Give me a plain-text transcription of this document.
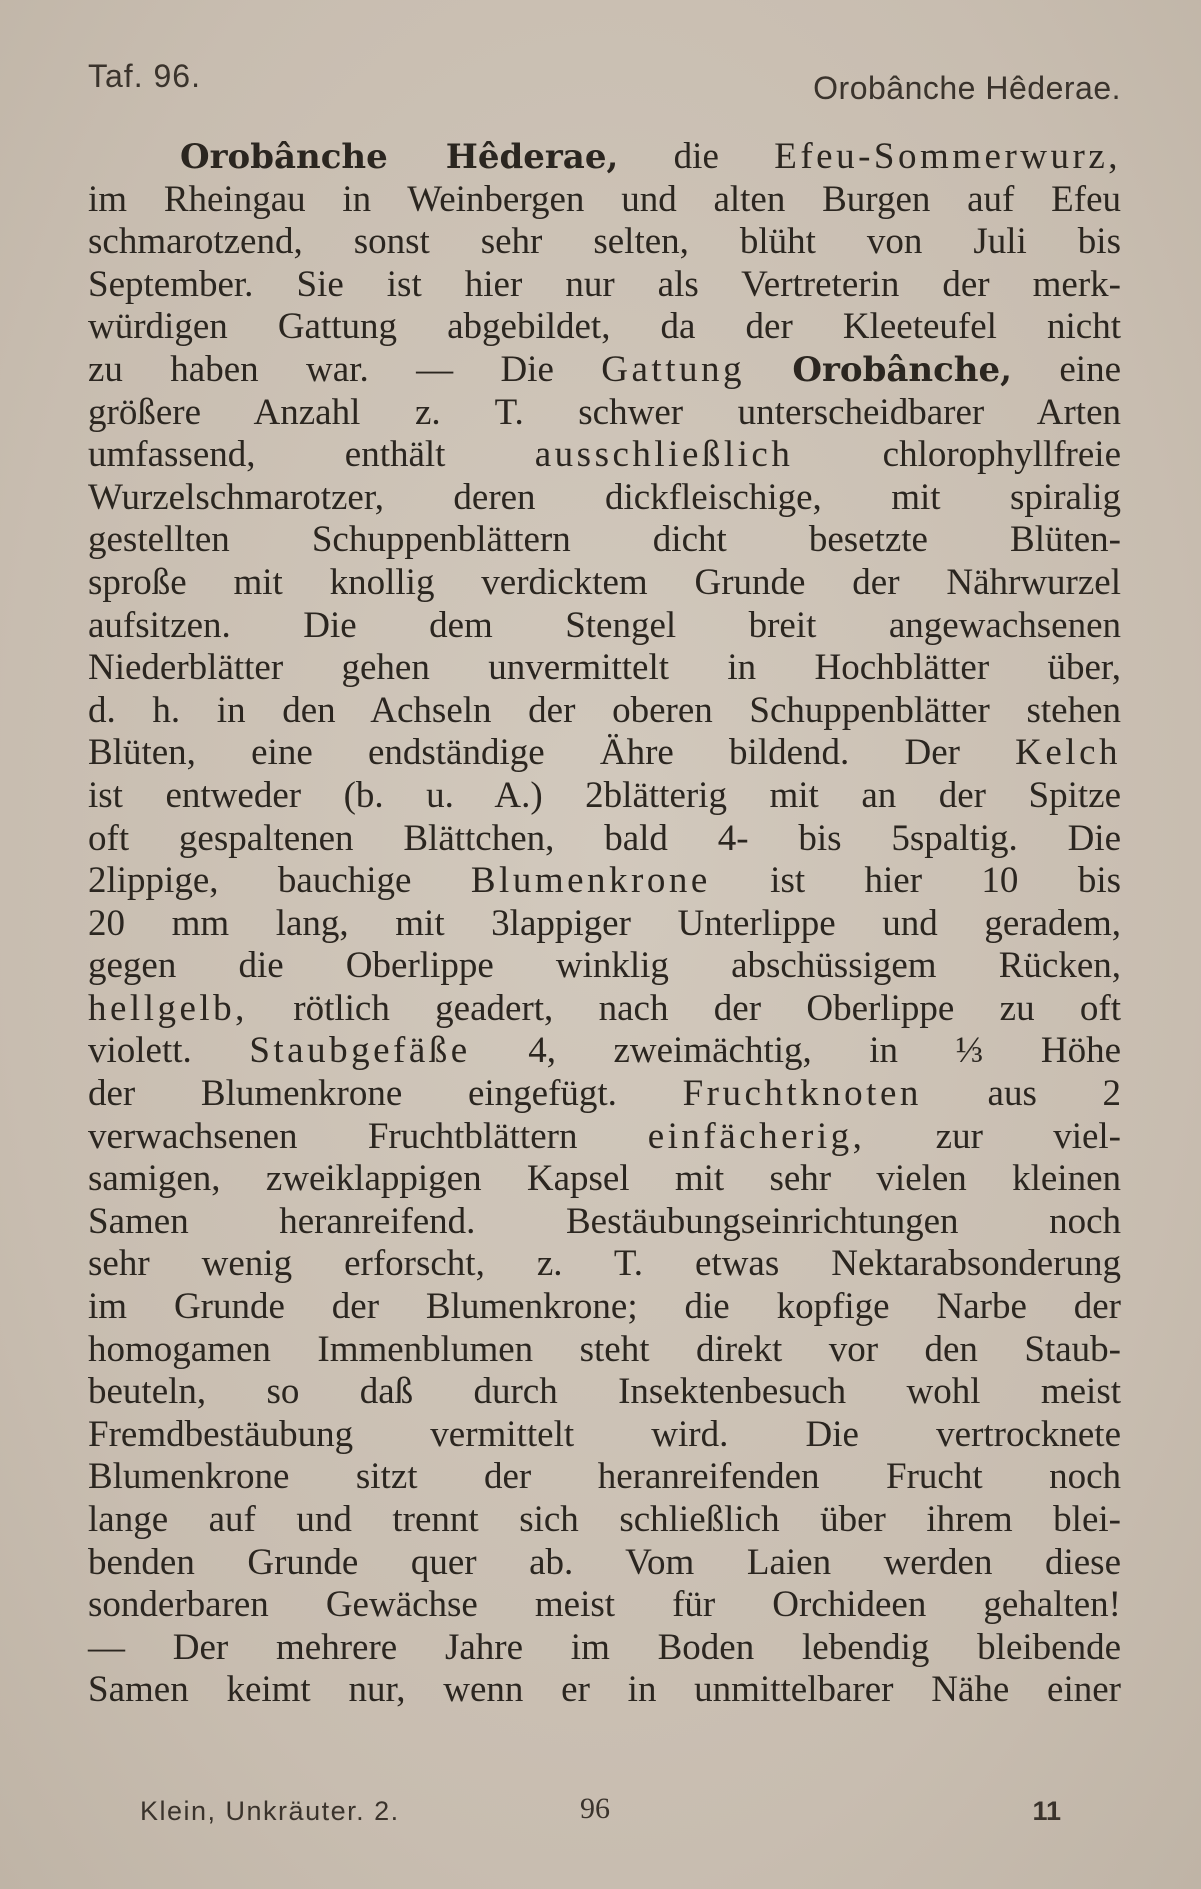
Taf. 96.	Orobânche Hêderae.
Orobânche Hêderae, die Efeu-Sommerwurz,
im Rheingau in Weinbergen und alten Burgen auf Efeu
schmarotzend, sonst sehr selten, blüht von Juli bis
September. Sie ist hier nur als Vertreterin der merk-
würdigen Gattung abgebildet, da der Kleeteufel nicht
zu haben war. — Die Gattung Orobânche, eine
größere Anzahl z. T. schwer unterscheidbarer Arten
umfassend, enthält ausschließlich chlorophyllfreie
Wurzelschmarotzer, deren dickfleischige, mit spiralig
gestellten Schuppenblättern dicht besetzte Blüten-
sproße mit knollig verdicktem Grunde der Nährwurzel
aufsitzen. Die dem Stengel breit angewachsenen
Niederblätter gehen unvermittelt in Hochblätter über,
d. h. in den Achseln der oberen Schuppenblätter stehen
Blüten, eine endständige Ähre bildend. Der Kelch
ist entweder (b. u. A.) 2blätterig mit an der Spitze
oft gespaltenen Blättchen, bald 4- bis 5spaltig. Die
2lippige, bauchige Blumenkrone ist hier 10 bis
20 mm lang, mit 3lappiger Unterlippe und geradem,
gegen die Oberlippe winklig abschüssigem Rücken,
hellgelb, rötlich geadert, nach der Oberlippe zu oft
violett. Staubgefäße 4, zweimächtig, in ⅓ Höhe
der Blumenkrone eingefügt. Fruchtknoten aus 2
verwachsenen Fruchtblättern einfächerig, zur viel-
samigen, zweiklappigen Kapsel mit sehr vielen kleinen
Samen heranreifend. Bestäubungseinrichtungen noch
sehr wenig erforscht, z. T. etwas Nektarabsonderung
im Grunde der Blumenkrone; die kopfige Narbe der
homogamen Immenblumen steht direkt vor den Staub-
beuteln, so daß durch Insektenbesuch wohl meist
Fremdbestäubung vermittelt wird. Die vertrocknete
Blumenkrone sitzt der heranreifenden Frucht noch
lange auf und trennt sich schließlich über ihrem blei-
benden Grunde quer ab. Vom Laien werden diese
sonderbaren Gewächse meist für Orchideen gehalten!
— Der mehrere Jahre im Boden lebendig bleibende
Samen keimt nur, wenn er in unmittelbarer Nähe einer
Klein, Unkräuter. 2.	96	11
